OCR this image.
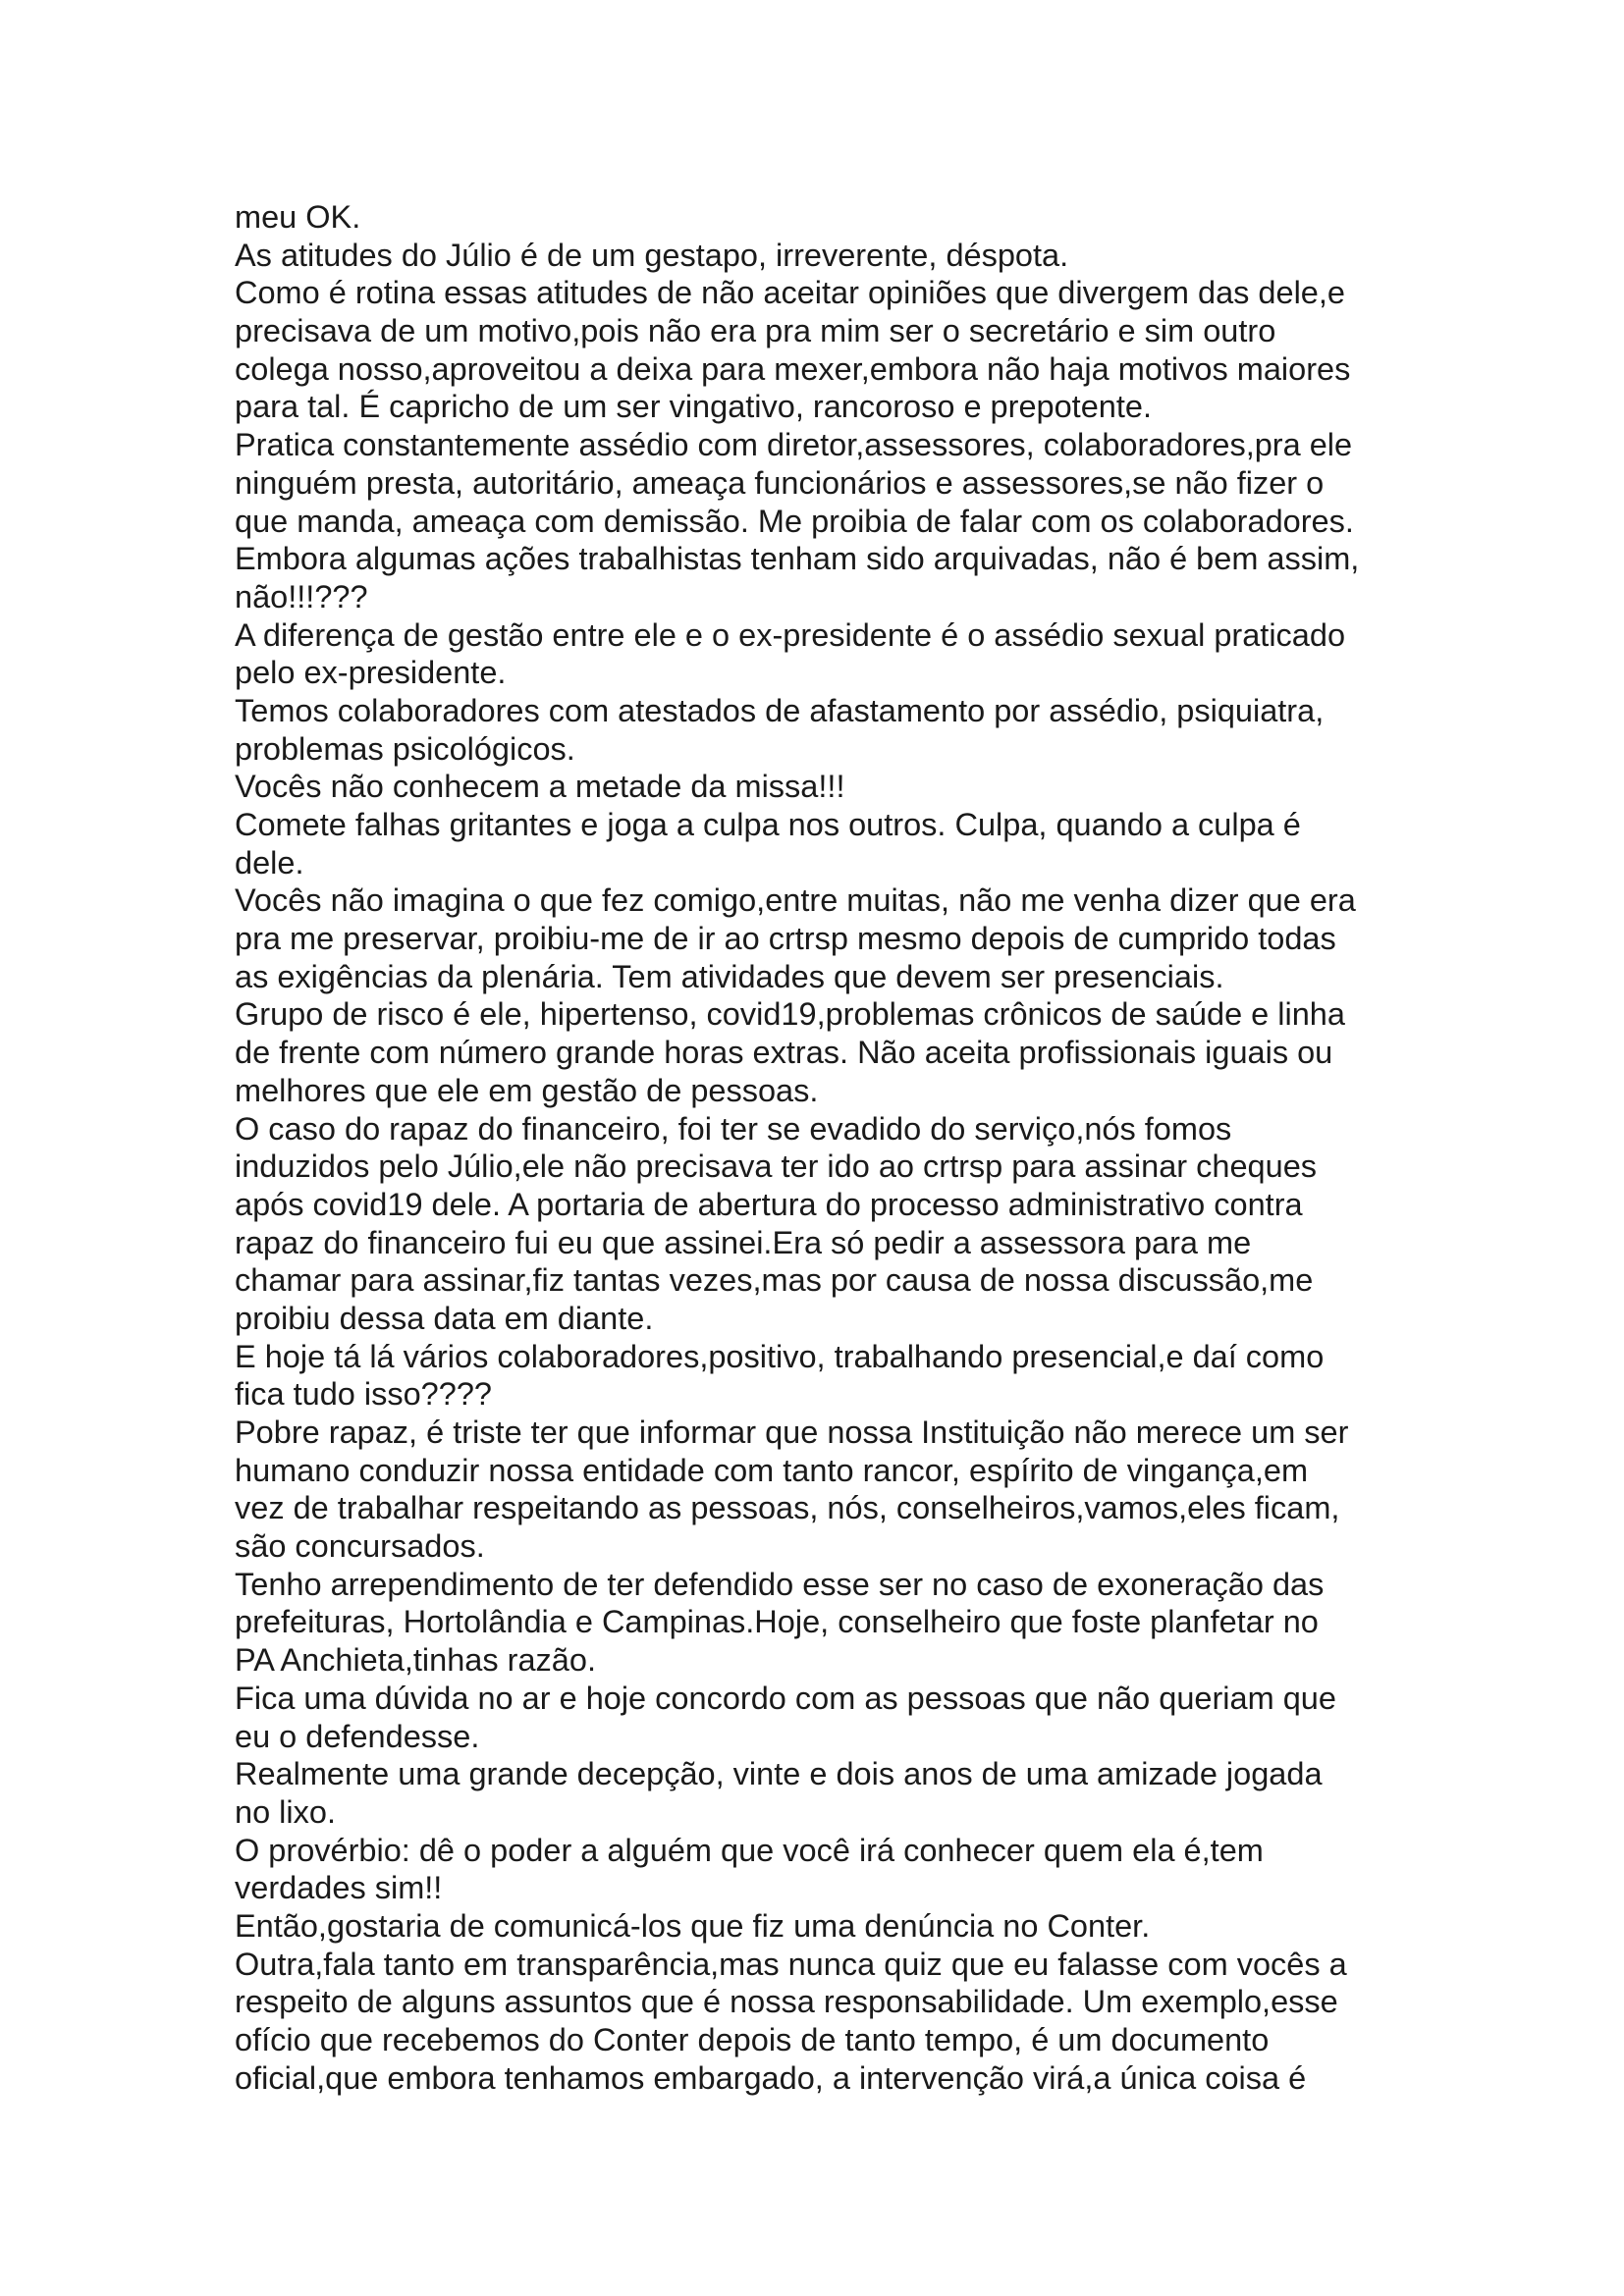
meu OK.
As atitudes do Júlio é de um gestapo, irreverente, déspota.
Como é rotina essas atitudes de não aceitar opiniões que divergem das dele,e
precisava de um motivo,pois não era pra mim ser o secretário e sim outro
colega nosso,aproveitou a deixa para mexer,embora não haja motivos maiores
para tal. É capricho de um ser vingativo, rancoroso e prepotente.
Pratica constantemente assédio com diretor,assessores, colaboradores,pra ele
ninguém presta, autoritário, ameaça funcionários e assessores,se não fizer o
que manda, ameaça com demissão. Me proibia de falar com os colaboradores.
Embora algumas ações trabalhistas tenham sido arquivadas, não é bem assim,
não!!!???
A diferença de gestão entre ele e o ex-presidente é o assédio sexual praticado
pelo ex-presidente.
Temos colaboradores com atestados de afastamento por assédio, psiquiatra,
problemas psicológicos.
Vocês não conhecem a metade da missa!!!
Comete falhas gritantes e joga a culpa nos outros. Culpa, quando a culpa é
dele.
Vocês não imagina o que fez comigo,entre muitas, não me venha dizer que era
pra me preservar, proibiu-me de ir ao crtrsp mesmo depois de cumprido todas
as exigências da plenária. Tem atividades que devem ser presenciais.
Grupo de risco é ele, hipertenso, covid19,problemas crônicos de saúde e linha
de frente com número grande horas extras. Não aceita profissionais iguais ou
melhores que ele em gestão de pessoas.
O caso do rapaz do financeiro, foi ter se evadido do serviço,nós fomos
induzidos pelo Júlio,ele não precisava ter ido ao crtrsp para assinar cheques
após covid19 dele. A portaria de abertura do processo administrativo contra
rapaz do financeiro fui eu que assinei.Era só pedir a assessora para me
chamar para assinar,fiz tantas vezes,mas por causa de nossa discussão,me
proibiu dessa data em diante.
E hoje tá lá vários colaboradores,positivo, trabalhando presencial,e daí como
fica tudo isso????
Pobre rapaz, é triste ter que informar que nossa Instituição não merece um ser
humano conduzir nossa entidade com tanto rancor, espírito de vingança,em
vez de trabalhar respeitando as pessoas, nós, conselheiros,vamos,eles ficam,
são concursados.
Tenho arrependimento de ter defendido esse ser no caso de exoneração das
prefeituras, Hortolândia e Campinas.Hoje, conselheiro que foste planfetar no
PA Anchieta,tinhas razão.
Fica uma dúvida no ar e hoje concordo com as pessoas que não queriam que
eu o defendesse.
Realmente uma grande decepção, vinte e dois anos de uma amizade jogada
no lixo.
O provérbio: dê o poder a alguém que você irá conhecer quem ela é,tem
verdades sim!!
Então,gostaria de comunicá-los que fiz uma denúncia no Conter.
Outra,fala tanto em transparência,mas nunca quiz que eu falasse com vocês a
respeito de alguns assuntos que é nossa responsabilidade. Um exemplo,esse
ofício que recebemos do Conter depois de tanto tempo, é um documento
oficial,que embora tenhamos embargado, a intervenção virá,a única coisa é
